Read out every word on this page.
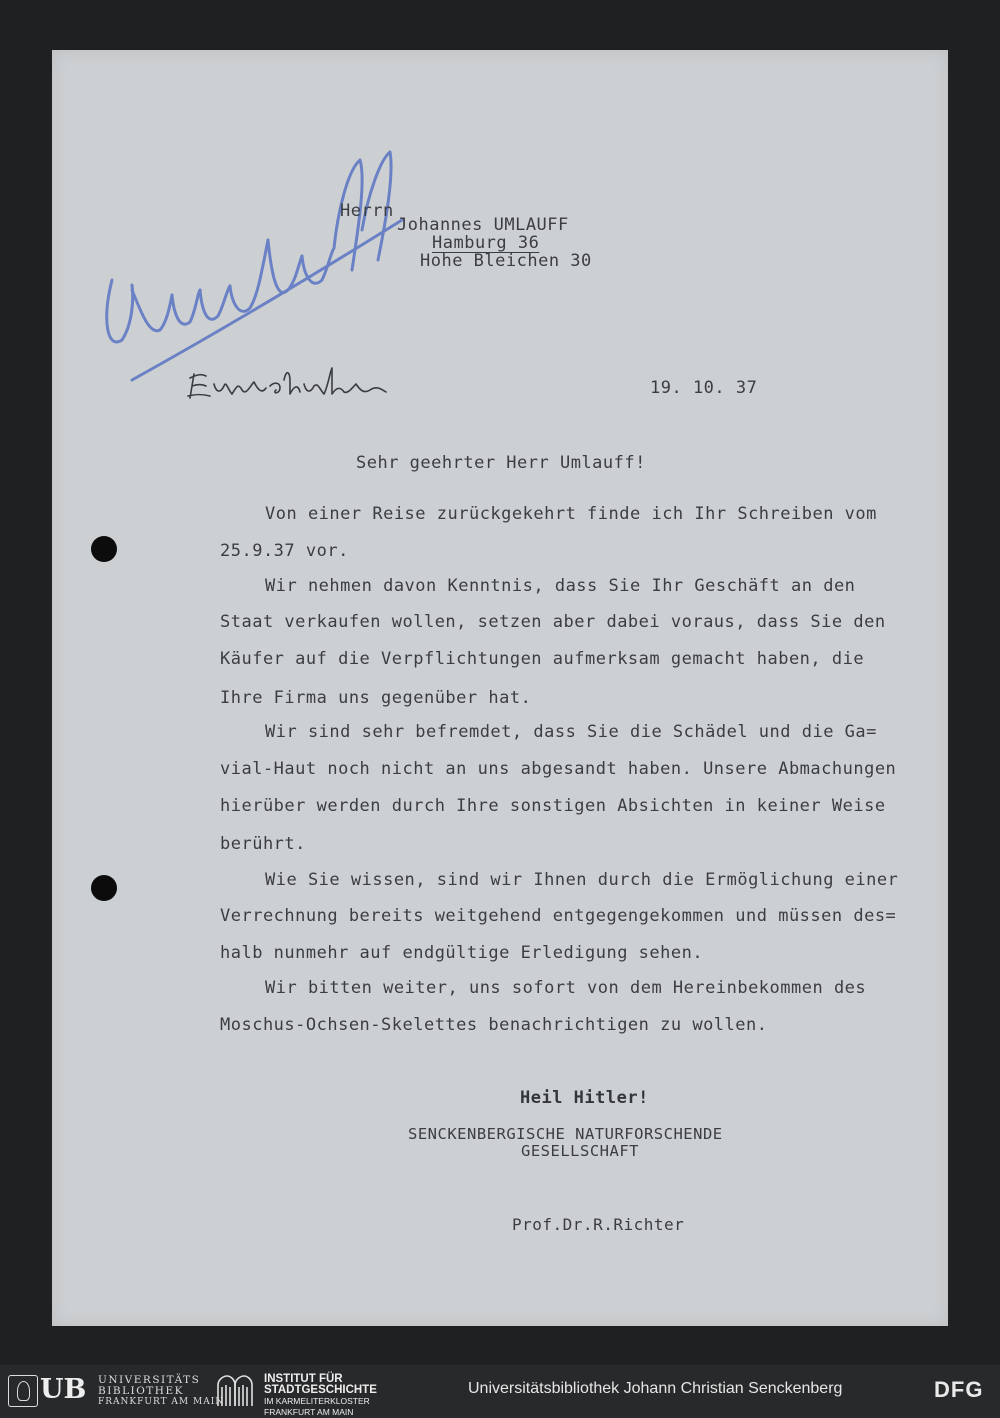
Herrn
Johannes UMLAUFF
Hamburg 36
Hohe Bleichen 30
19. 10. 37
Sehr geehrter Herr Umlauff!
Von einer Reise zurückgekehrt finde ich Ihr Schreiben vom
25.9.37 vor.
Wir nehmen davon Kenntnis, dass Sie Ihr Geschäft an den
Staat verkaufen wollen, setzen aber dabei voraus, dass Sie den
Käufer auf die Verpflichtungen aufmerksam gemacht haben, die
Ihre Firma uns gegenüber hat.
Wir sind sehr befremdet, dass Sie die Schädel und die Ga=
vial-Haut noch nicht an uns abgesandt haben. Unsere Abmachungen
hierüber werden durch Ihre sonstigen Absichten in keiner Weise
berührt.
Wie Sie wissen, sind wir Ihnen durch die Ermöglichung einer
Verrechnung bereits weitgehend entgegengekommen und müssen des=
halb nunmehr auf endgültige Erledigung sehen.
Wir bitten weiter, uns sofort von dem Hereinbekommen des
Moschus-Ochsen-Skelettes benachrichtigen zu wollen.
Heil Hitler!
SENCKENBERGISCHE NATURFORSCHENDE
GESELLSCHAFT
Prof.Dr.R.Richter
UB UNIVERSITÄTS
BIBLIOTHEK
FRANKFURT AM MAIN
INSTITUT FÜR
STADTGESCHICHTE
IM KARMELITERKLOSTER
FRANKFURT AM MAIN
Universitätsbibliothek Johann Christian Senckenberg	DFG
